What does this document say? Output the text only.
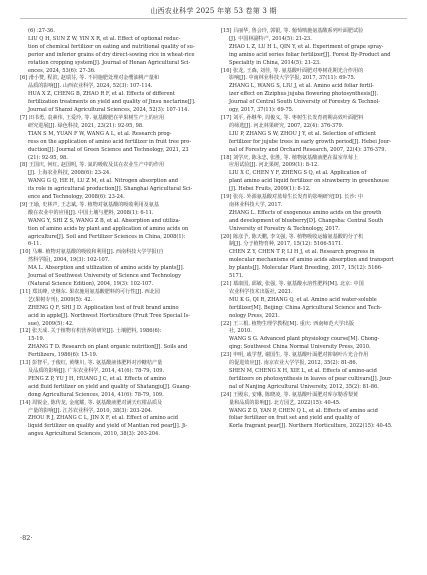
山西农业科学 2025 年第 53 卷第 3 期

(6) :27-36.

LIU Q H, SUN Z W, YIN X R, et al. Effect of optional reduc-

tion of chemical fertilizer on eating and nutritional quality of su-

perior and inferior grains of dry direct-sowing rice in wheat-rice

rotation cropping system[J]. Journal of Henan Agricultural Sci-

ences, 2024, 53(6): 27-36.

[6] 滑小赞, 程滨, 赵瑞芬, 等. 不同施肥处理对金缨油桃产量和

品质的影响[J]. 山西农业科学, 2024, 52(3): 107-114.

HUA X Z, CHENG B, ZHAO R F, et al. Effects of different

fertilization treatments on yield and quality of Jinsu nectarine[J].

Journal of Shanxi Agricultural Sciences, 2024, 52(3): 107-114.

[7] 田书勇, 袁素伟, 王爱玲, 等. 氨基酸肥在苹果树生产上的应用

研究进展[J]. 绿色科技, 2021, 23(21): 92-95, 98.

TIAN S M, YUAN F W, WANG A L, et al. Research prog-

ress on the application of amino acid fertilizer in fruit tree pro-

duction[J]. Journal of Green Science and Technology, 2021, 23

(21): 92-95, 98.

[8] 王国庆, 何红, 赵国明, 等. 氮的吸收及其在农业生产中的作用

[J]. 上海农业科技, 2008(6): 23-24.

WANG G Q, HE H, LU Z M, et al. Nitrogen absorption and

its role in agricultural production[J]. Shanghai Agricultural Sci-

ence and Technology, 2008(6): 23-24.

[9] 王瑜, 史林声, 王志斌, 等. 植物对氨基酸的吸收利用及氨基

酸在农业中的应用[J]. 中国土壤与肥料, 2008(1): 6-11.

WANG Y, SHI Z S, WANG Z B, et al. Absorption and utiliza-

tion of amino acids by plant and application of amino acids on

agriculture[J]. Soil and Fertilizer Sciences in China, 2008(1):

6-11.

[10] 马琳. 植物对氨基酸的吸收和利用[J]. 西南科技大学学报(自

然科学版), 2004, 19(3): 102-107.

MA L. Absorption and utilization of amino acids by plants[J].

Journal of Southwest University of Science and Technology

(Natural Science Edition), 2004, 19(3): 102-107.

[11] 郑其峰, 史继东. 果农施用氨基酸肥料的可行性[J]. 西北园

艺(果树专刊), 2009(5): 42.

ZHENG Q F, SHI J D. Application test of fruit brand amino

acid in apple[J]. Northwest Horticulture (Fruit Tree Special Is-

sue), 2009(5): 42.

[12] 张天成. 关于植物有机营养的研究[J]. 土壤肥料, 1986(6):

15-19.

ZHANG T D. Research on plant organic nutrition[J]. Soils and

Fertilizers, 1986(6): 15-19.

[13] 彭智平, 于俊红, 黄继川, 等. 氨基酸液体肥料对沙糖桔产量

及品质的影响[J]. 广东农业科学, 2014, 41(6): 78-79, 109.

PENG Z P, YU J H, HUANG J C, et al. Effects of amino

acid fluid fertilizer on yield and quality of Shatangju[J]. Guang-

dong Agricultural Sciences, 2014, 41(6): 78-79, 109.

[14] 周锐金, 陈传龙, 金庭耀, 等. 氨基酸液肥对满天红柑品质及

产量的影响[J]. 江苏农业科学, 2010, 38(3): 203-204.

ZHOU R J, ZHANG C L, JIN X F, et al. Effect of amino acid

liquid fertilizer on quality and yield of Mantian red pear[J]. Ji-

angsu Agricultural Sciences, 2010, 38(3): 203-204.

[15] 吕丽华, 鲁会玲, 郭银, 等. 葡萄喷施氨基酸系列叶面肥试验

[J]. 中国林副特产, 2014(5): 21-23.

ZHAO L Z, LU H L, QIN Y, et al. Experiment of grape spray-

ing amino acid series foliar fertilizer[J]. Forest By-Product and

Speciality in China, 2014(5): 21-23.

[16] 张龙, 王森, 刘佳, 等. 氨基酸叶面肥对枣树花期光合作用的

影响[J]. 中南林业科技大学学报, 2017, 37(11): 69-75.

ZHANG L, WANG S, LIU J, et al. Amino acid foliar fertil-

izer effect on Ziziphus jujuba flowering photosynthesis[J].

Journal of Central South University of Forestry & Technol-

ogy, 2017, 37(11): 69-75.

[17] 刘平, 孙继华, 周俊义, 等. 枣树生长发育初期高效叶面肥料

的筛选[J]. 河北林果研究, 2007, 22(4): 376-379.

LIU P, ZHANG S W, ZHOU J Y, et al. Selection of efficient

fertilizer for jujube trees in early growth period[J]. Hebei Jour-

nal of Forestry and Orchard Research, 2007, 22(4): 376-379.

[18] 刘学庆, 陈永忠, 张胜, 等. 植物氨基酸液肥在温室草莓上

应用试验[J]. 河北果树, 2009(1): 8-12.

LIU X C, CHEN Y F, ZHENG S Q, et al. Application of

plant amino acid liquid fertilizer on strawberry in greenhouse

[J]. Hebei Fruits, 2009(1): 8-12.

[19] 张亮. 外源氨基酸对蓝莓生长发育的影响研究[D]. 长沙: 中

南林业科技大学, 2017.

ZHANG L. Effects of exogenous amino acids on the growth

and development of blueberry[D]. Changsha: Central South

University of Forestry & Technology, 2017.

[20] 陈彦予, 陈天鹏, 李文强, 等. 植物吸收运输氨基酸的分子机

制[J]. 分子植物育种, 2017, 15(12): 5166-5171.

CHEN Z Y, CHEN T P, LI H J, et al. Research progress in

molecular mechanisms of amino acids absorption and transport

by plants[J]. Molecular Plant Breeding, 2017, 15(12): 5166-

5171.

[21] 慕康国, 邱敏, 张强, 等. 氨基酸水溶性肥料[M]. 北京: 中国

农业科学技术出版社, 2021.

MU K G, QI R, ZHANG Q, et al. Amino acid water-soluble

fertilizer[M]. Beijing: China Agricultural Science and Tech-

nology Press, 2021.

[22] 王三根. 植物生理学教程[M]. 重庆: 西南师范大学出版

社, 2010.

WANG S G. Advanced plant physiology course[M]. Chong-

qing: Southwest China Normal University Press, 2010.

[23] 申明, 戚学慧, 谢国生, 等. 氨基酸叶面肥对抑制叶片光合作用

的促进效应[J]. 南京农业大学学报, 2012, 35(2): 81-86.

SHEN M, CHENG X H, XIE L, et al. Effects of amino-acid

fertilizers on photosynthesis in leaves of pear cultivars[J]. Jour-

nal of Nanjing Agricultural University, 2012, 35(2): 81-86.

[24] 王殿东, 安琳, 陈晓凌, 等. 氨基酸叶面肥对库尔勒香梨黄

量和品质的影响[J]. 北方园艺, 2022(15): 40-45.

WANG Z D, YAN P, CHEN Q L, et al. Effects of amino acid

foliar fertilizer on fruit set and yield and quality of

Korla fragrant pear[J]. Northern Horticulture, 2022(15): 40-45.

·82·
